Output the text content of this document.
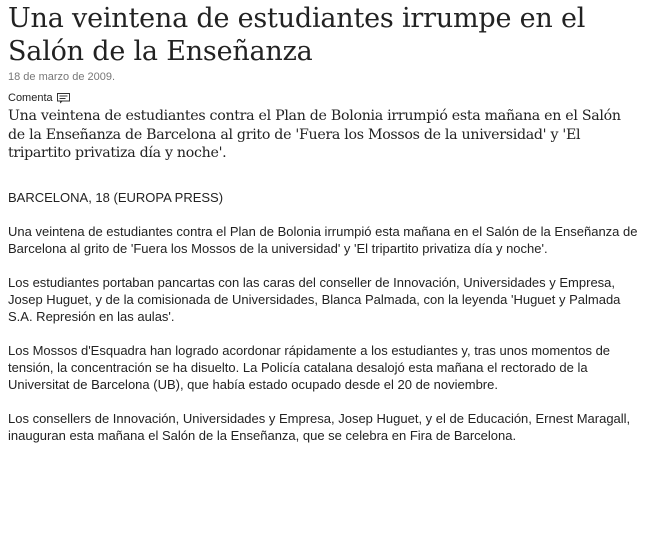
Una veintena de estudiantes irrumpe en el Salón de la Enseñanza
18 de marzo de 2009.
Comenta

Una veintena de estudiantes contra el Plan de Bolonia irrumpió esta mañana en el Salón de la Enseñanza de Barcelona al grito de 'Fuera los Mossos de la universidad' y 'El tripartito privatiza día y noche'.

BARCELONA, 18 (EUROPA PRESS)

Una veintena de estudiantes contra el Plan de Bolonia irrumpió esta mañana en el Salón de la Enseñanza de Barcelona al grito de 'Fuera los Mossos de la universidad' y 'El tripartito privatiza día y noche'.

Los estudiantes portaban pancartas con las caras del conseller de Innovación, Universidades y Empresa, Josep Huguet, y de la comisionada de Universidades, Blanca Palmada, con la leyenda 'Huguet y Palmada S.A. Represión en las aulas'.

Los Mossos d'Esquadra han logrado acordonar rápidamente a los estudiantes y, tras unos momentos de tensión, la concentración se ha disuelto. La Policía catalana desalojó esta mañana el rectorado de la Universitat de Barcelona (UB), que había estado ocupado desde el 20 de noviembre.

Los consellers de Innovación, Universidades y Empresa, Josep Huguet, y el de Educación, Ernest Maragall, inauguran esta mañana el Salón de la Enseñanza, que se celebra en Fira de Barcelona.
